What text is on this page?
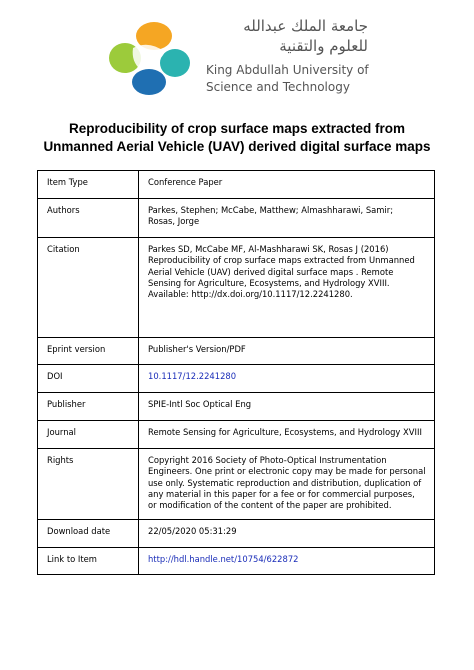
جامعة الملك عبدالله
للعلوم والتقنية
King Abdullah University of
Science and Technology
Reproducibility of crop surface maps extracted from
Unmanned Aerial Vehicle (UAV) derived digital surface maps
Item Type	Conference Paper

Authors	Parkes, Stephen; McCabe, Matthew; Almashharawi, Samir;
Rosas, Jorge

Citation	Parkes SD, McCabe MF, Al-Mashharawi SK, Rosas J (2016)
Reproducibility of crop surface maps extracted from Unmanned
Aerial Vehicle (UAV) derived digital surface maps . Remote
Sensing for Agriculture, Ecosystems, and Hydrology XVIII.
Available: http://dx.doi.org/10.1117/12.2241280.

Eprint version	Publisher's Version/PDF

DOI	10.1117/12.2241280

Publisher	SPIE-Intl Soc Optical Eng

Journal	Remote Sensing for Agriculture, Ecosystems, and Hydrology XVIII

Rights	Copyright 2016 Society of Photo-Optical Instrumentation
Engineers. One print or electronic copy may be made for personal
use only. Systematic reproduction and distribution, duplication of
any material in this paper for a fee or for commercial purposes,
or modification of the content of the paper are prohibited.

Download date	22/05/2020 05:31:29

Link to Item	http://hdl.handle.net/10754/622872
